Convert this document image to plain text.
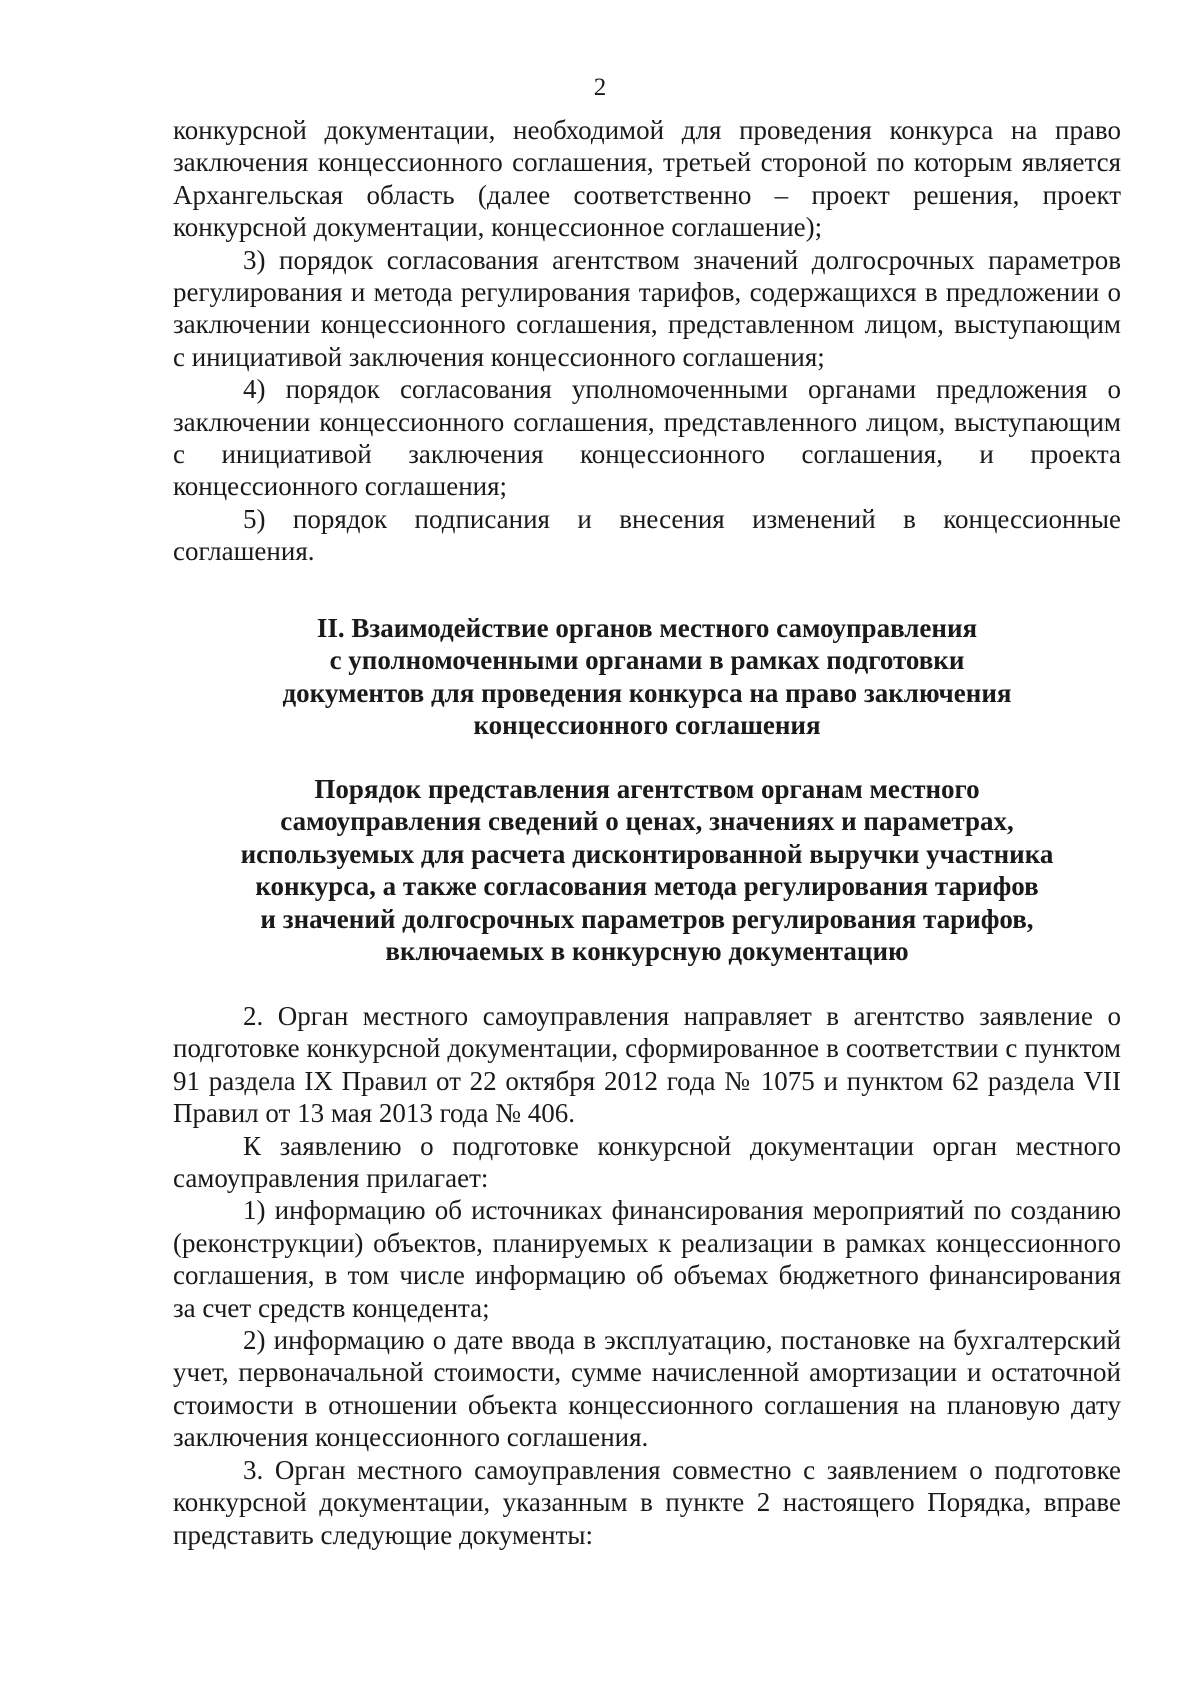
2

конкурсной документации, необходимой для проведения конкурса на право заключения концессионного соглашения, третьей стороной по которым является Архангельская область (далее соответственно – проект решения, проект конкурсной документации, концессионное соглашение);

3) порядок согласования агентством значений долгосрочных параметров регулирования и метода регулирования тарифов, содержащихся в предложении о заключении концессионного соглашения, представленном лицом, выступающим с инициативой заключения концессионного соглашения;

4) порядок согласования уполномоченными органами предложения о заключении концессионного соглашения, представленного лицом, выступающим с инициативой заключения концессионного соглашения, и проекта концессионного соглашения;

5) порядок подписания и внесения изменений в концессионные соглашения.

II. Взаимодействие органов местного самоуправления
с уполномоченными органами в рамках подготовки
документов для проведения конкурса на право заключения
концессионного соглашения
Порядок представления агентством органам местного
самоуправления сведений о ценах, значениях и параметрах,
используемых для расчета дисконтированной выручки участника
конкурса, а также согласования метода регулирования тарифов
и значений долгосрочных параметров регулирования тарифов,
включаемых в конкурсную документацию

2. Орган местного самоуправления направляет в агентство заявление о подготовке конкурсной документации, сформированное в соответствии с пунктом 91 раздела IX Правил от 22 октября 2012 года № 1075 и пунктом 62 раздела VII Правил от 13 мая 2013 года № 406.

К заявлению о подготовке конкурсной документации орган местного самоуправления прилагает:

1) информацию об источниках финансирования мероприятий по созданию (реконструкции) объектов, планируемых к реализации в рамках концессионного соглашения, в том числе информацию об объемах бюджетного финансирования за счет средств концедента;

2) информацию о дате ввода в эксплуатацию, постановке на бухгалтерский учет, первоначальной стоимости, сумме начисленной амортизации и остаточной стоимости в отношении объекта концессионного соглашения на плановую дату заключения концессионного соглашения.

3. Орган местного самоуправления совместно с заявлением о подготовке конкурсной документации, указанным в пункте 2 настоящего Порядка, вправе представить следующие документы:
